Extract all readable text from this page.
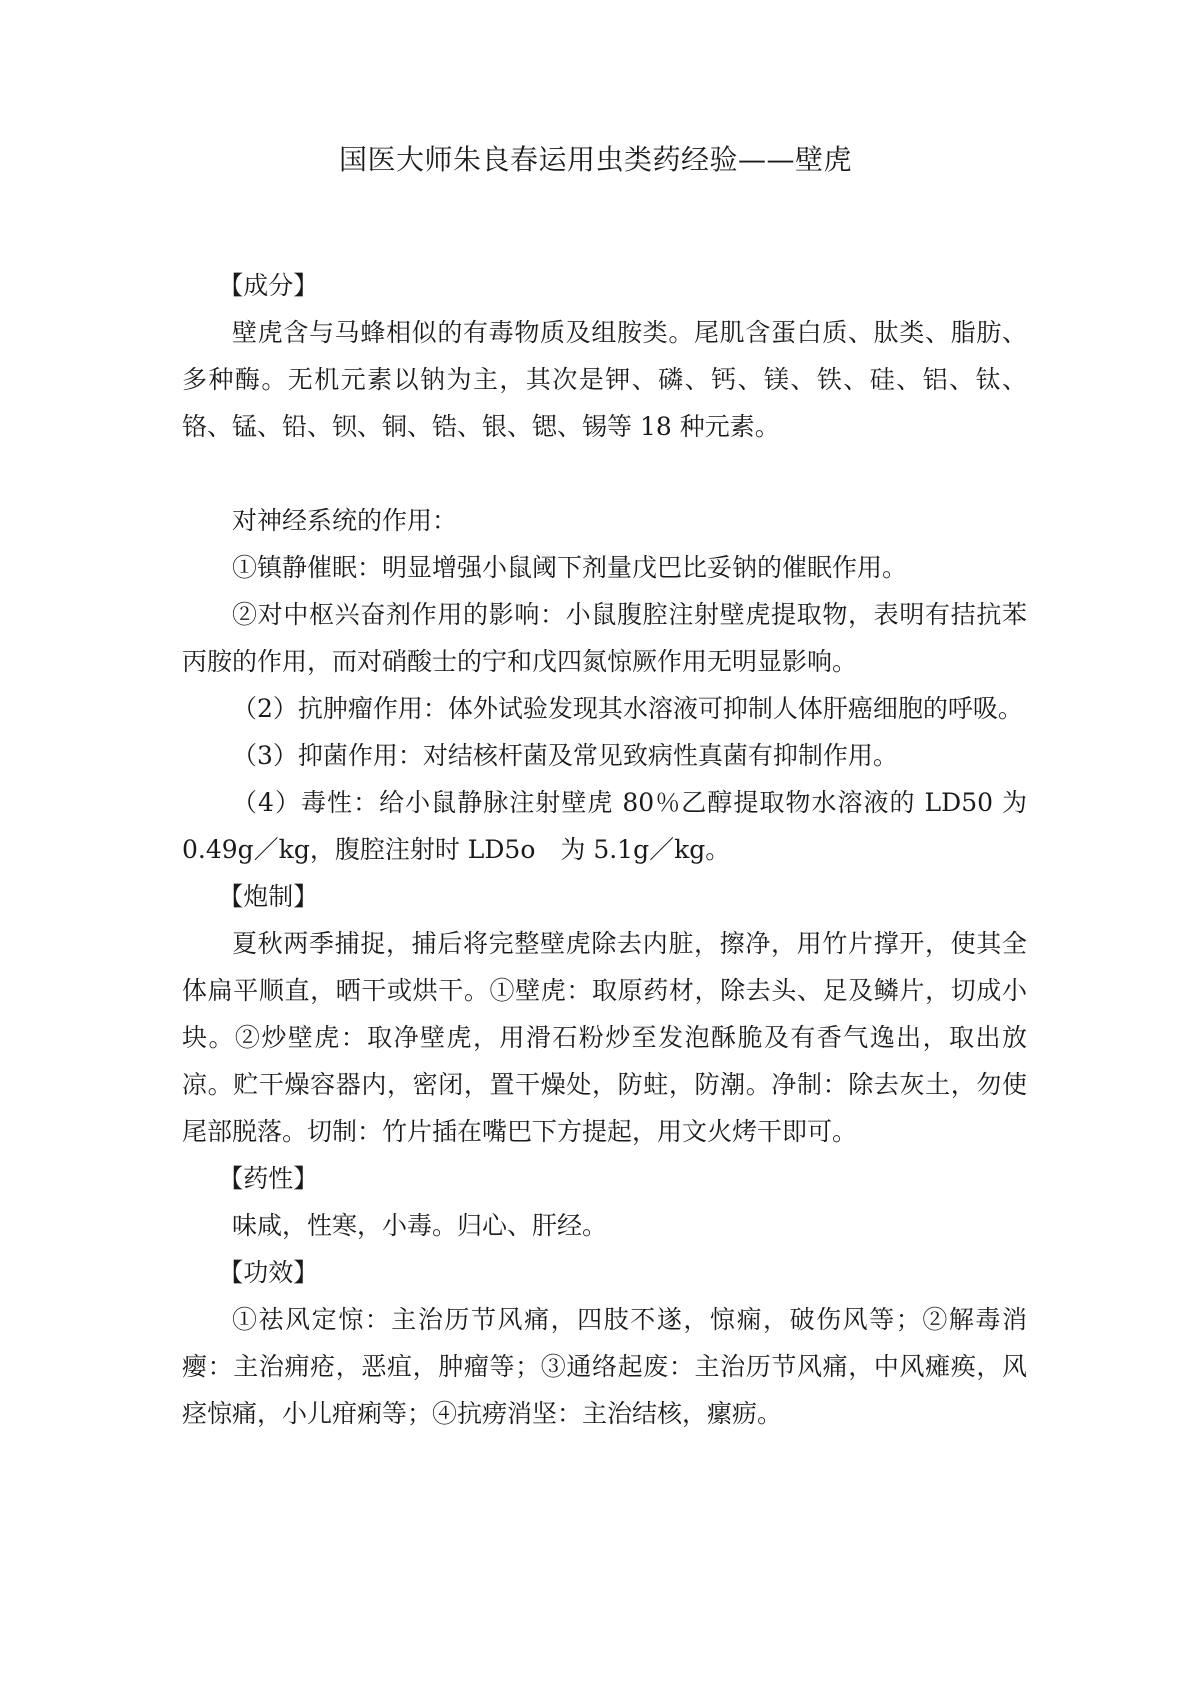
国医大师朱良春运用虫类药经验——壁虎

【成分】

壁虎含与马蜂相似的有毒物质及组胺类。尾肌含蛋白质、肽类、脂肪、多种酶。无机元素以钠为主，其次是钾、磷、钙、镁、铁、硅、铝、钛、铬、锰、铅、钡、铜、锆、银、锶、锡等 18 种元素。

对神经系统的作用：

①镇静催眠：明显增强小鼠阈下剂量戊巴比妥钠的催眠作用。

②对中枢兴奋剂作用的影响：小鼠腹腔注射壁虎提取物，表明有拮抗苯丙胺的作用，而对硝酸士的宁和戊四氮惊厥作用无明显影响。

（2）抗肿瘤作用：体外试验发现其水溶液可抑制人体肝癌细胞的呼吸。

（3）抑菌作用：对结核杆菌及常见致病性真菌有抑制作用。

（4）毒性：给小鼠静脉注射壁虎 80％乙醇提取物水溶液的 LD50 为 0.49g／kg，腹腔注射时 LD5o　为 5.1g／kg。

【炮制】

夏秋两季捕捉，捕后将完整壁虎除去内脏，擦净，用竹片撑开，使其全体扁平顺直，晒干或烘干。①壁虎：取原药材，除去头、足及鳞片，切成小块。②炒壁虎：取净壁虎，用滑石粉炒至发泡酥脆及有香气逸出，取出放凉。贮干燥容器内，密闭，置干燥处，防蛀，防潮。净制：除去灰土，勿使尾部脱落。切制：竹片插在嘴巴下方提起，用文火烤干即可。

【药性】

味咸，性寒，小毒。归心、肝经。

【功效】

①祛风定惊：主治历节风痛，四肢不遂，惊痫，破伤风等；②解毒消瘿：主治痈疮，恶疽，肿瘤等；③通络起废：主治历节风痛，中风瘫痪，风痉惊痛，小儿疳痢等；④抗痨消坚：主治结核，瘰疬。
